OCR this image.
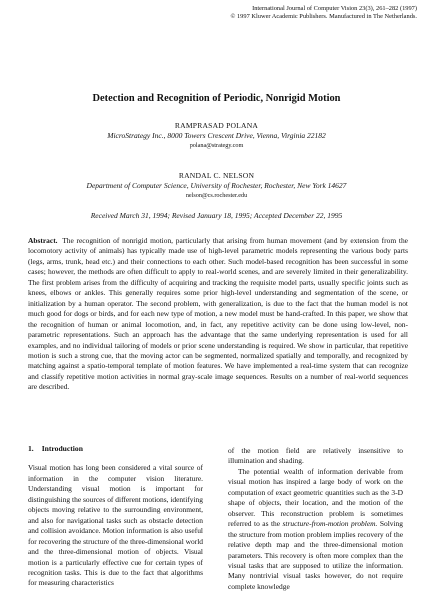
International Journal of Computer Vision 23(3), 261–282 (1997)
© 1997 Kluwer Academic Publishers. Manufactured in The Netherlands.
Detection and Recognition of Periodic, Nonrigid Motion
RAMPRASAD POLANA
MicroStrategy Inc., 8000 Towers Crescent Drive, Vienna, Virginia 22182
polana@strategy.com
RANDAL C. NELSON
Department of Computer Science, University of Rochester, Rochester, New York 14627
nelson@cs.rochester.edu
Received March 31, 1994; Revised January 18, 1995; Accepted December 22, 1995
Abstract. The recognition of nonrigid motion, particularly that arising from human movement (and by extension from the locomotory activity of animals) has typically made use of high-level parametric models representing the various body parts (legs, arms, trunk, head etc.) and their connections to each other. Such model-based recognition has been successful in some cases; however, the methods are often difficult to apply to real-world scenes, and are severely limited in their generalizability. The first problem arises from the difficulty of acquiring and tracking the requisite model parts, usually specific joints such as knees, elbows or ankles. This generally requires some prior high-level understanding and segmentation of the scene, or initialization by a human operator. The second problem, with generalization, is due to the fact that the human model is not much good for dogs or birds, and for each new type of motion, a new model must be hand-crafted. In this paper, we show that the recognition of human or animal locomotion, and, in fact, any repetitive activity can be done using low-level, non-parametric representations. Such an approach has the advantage that the same underlying representation is used for all examples, and no individual tailoring of models or prior scene understanding is required. We show in particular, that repetitive motion is such a strong cue, that the moving actor can be segmented, normalized spatially and temporally, and recognized by matching against a spatio-temporal template of motion features. We have implemented a real-time system that can recognize and classify repetitive motion activities in normal gray-scale image sequences. Results on a number of real-world sequences are described.
1. Introduction

Visual motion has long been considered a vital source of information in the computer vision literature. Understanding visual motion is important for distinguishing the sources of different motions, identifying objects moving relative to the surrounding environment, and also for navigational tasks such as obstacle detection and collision avoidance. Motion information is also useful for recovering the structure of the three-dimensional world and the three-dimensional motion of objects. Visual motion is a particularly effective cue for certain types of recognition tasks. This is due to the fact that algorithms for measuring characteristics

of the motion field are relatively insensitive to illumination and shading.

The potential wealth of information derivable from visual motion has inspired a large body of work on the computation of exact geometric quantities such as the 3-D shape of objects, their location, and the motion of the observer. This reconstruction problem is sometimes referred to as the structure-from-motion problem. Solving the structure from motion problem implies recovery of the relative depth map and the three-dimensional motion parameters. This recovery is often more complex than the visual tasks that are supposed to utilize the information. Many nontrivial visual tasks however, do not require complete knowledge
